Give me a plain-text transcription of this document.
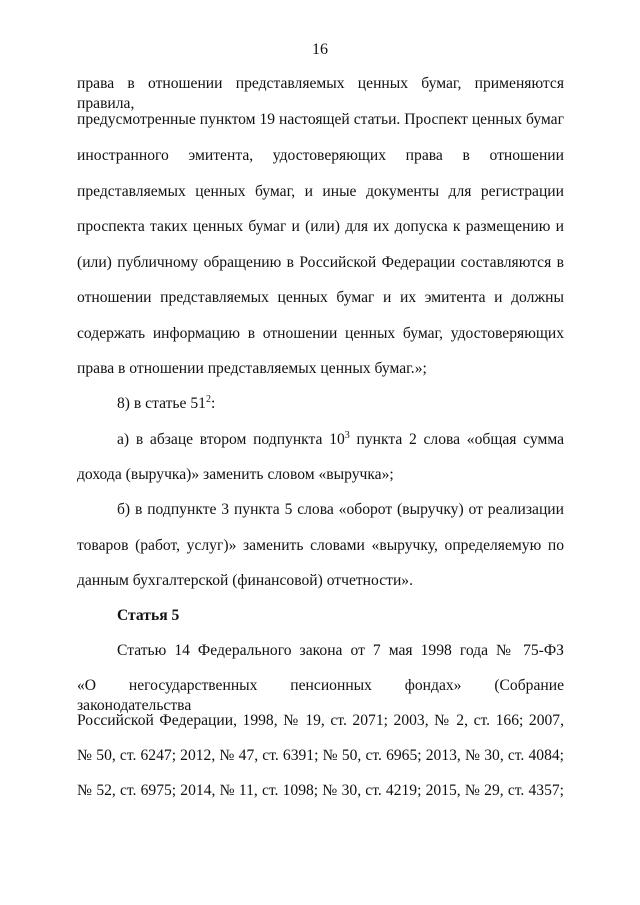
16
права в отношении представляемых ценных бумаг, применяются правила,
предусмотренные пунктом 19 настоящей статьи. Проспект ценных бумаг
иностранного эмитента, удостоверяющих права в отношении
представляемых ценных бумаг, и иные документы для регистрации
проспекта таких ценных бумаг и (или) для их допуска к размещению и
(или) публичному обращению в Российской Федерации составляются в
отношении представляемых ценных бумаг и их эмитента и должны
содержать информацию в отношении ценных бумаг, удостоверяющих
права в отношении представляемых ценных бумаг.»;
8) в статье $51^2$:
а) в абзаце втором подпункта $10^3$ пункта 2 слова «общая сумма
дохода (выручка)» заменить словом «выручка»;
б) в подпункте 3 пункта 5 слова «оборот (выручку) от реализации
товаров (работ, услуг)» заменить словами «выручку, определяемую по
данным бухгалтерской (финансовой) отчетности».
Статья 5
Статью 14 Федерального закона от 7 мая 1998 года № 75-ФЗ
«О негосударственных пенсионных фондах» (Собрание законодательства
Российской Федерации, 1998, № 19, ст. 2071; 2003, № 2, ст. 166; 2007,
№ 50, ст. 6247; 2012, № 47, ст. 6391; № 50, ст. 6965; 2013, № 30, ст. 4084;
№ 52, ст. 6975; 2014, № 11, ст. 1098; № 30, ст. 4219; 2015, № 29, ст. 4357;
